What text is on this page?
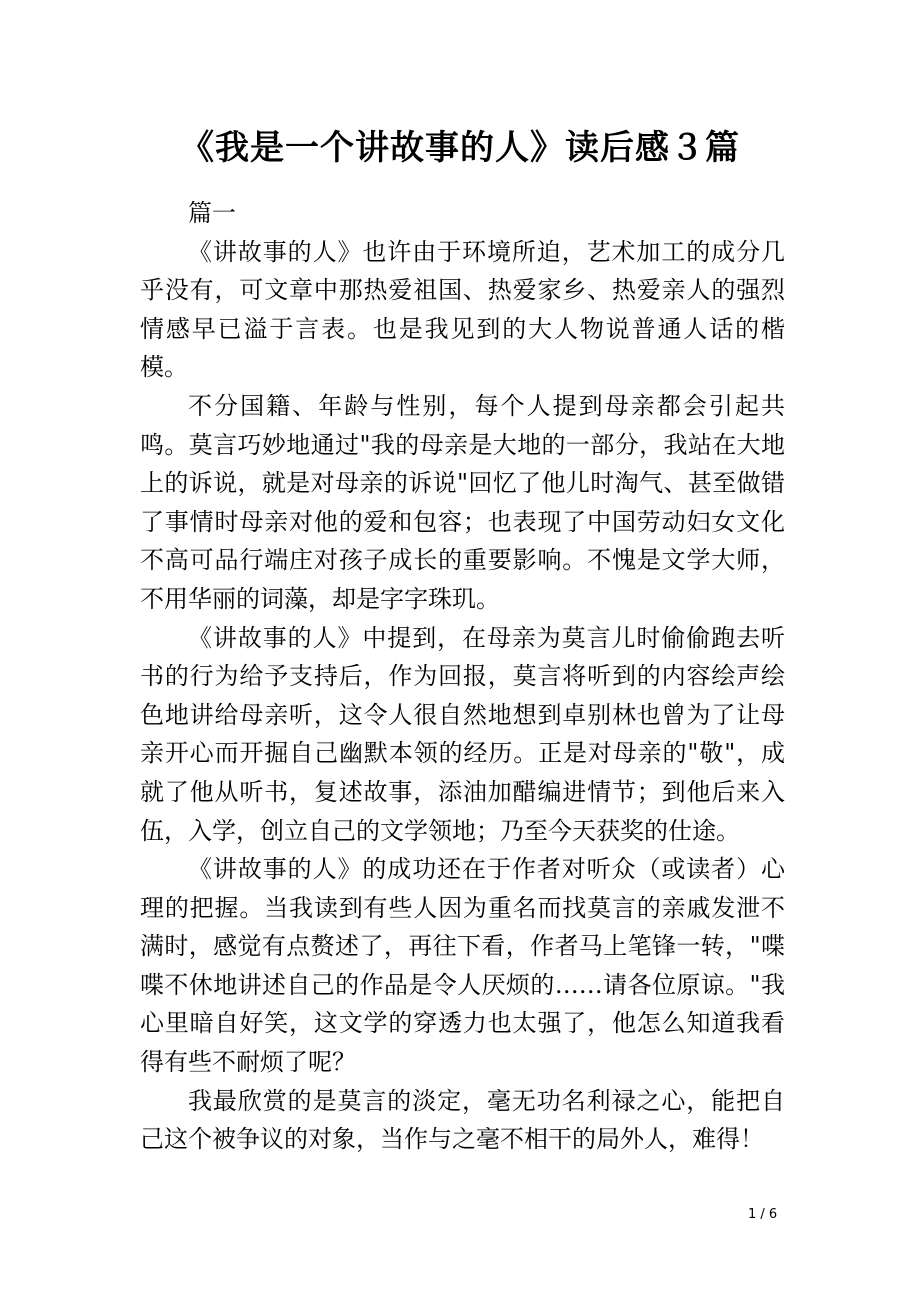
《我是一个讲故事的人》读后感３篇

篇一

《讲故事的人》也许由于环境所迫，艺术加工的成分几乎没有，可文章中那热爱祖国、热爱家乡、热爱亲人的强烈情感早已溢于言表。也是我见到的大人物说普通人话的楷模。

不分国籍、年龄与性别，每个人提到母亲都会引起共鸣。莫言巧妙地通过"我的母亲是大地的一部分，我站在大地上的诉说，就是对母亲的诉说"回忆了他儿时淘气、甚至做错了事情时母亲对他的爱和包容；也表现了中国劳动妇女文化不高可品行端庄对孩子成长的重要影响。不愧是文学大师，不用华丽的词藻，却是字字珠玑。

《讲故事的人》中提到，在母亲为莫言儿时偷偷跑去听书的行为给予支持后，作为回报，莫言将听到的内容绘声绘色地讲给母亲听，这令人很自然地想到卓别林也曾为了让母亲开心而开掘自己幽默本领的经历。正是对母亲的"敬"，成就了他从听书，复述故事，添油加醋编进情节；到他后来入伍，入学，创立自己的文学领地；乃至今天获奖的仕途。

《讲故事的人》的成功还在于作者对听众（或读者）心理的把握。当我读到有些人因为重名而找莫言的亲戚发泄不满时，感觉有点赘述了，再往下看，作者马上笔锋一转，"喋喋不休地讲述自己的作品是令人厌烦的……请各位原谅。"我心里暗自好笑，这文学的穿透力也太强了，他怎么知道我看得有些不耐烦了呢？

我最欣赏的是莫言的淡定，毫无功名利禄之心，能把自己这个被争议的对象，当作与之毫不相干的局外人，难得！

1 / 6
